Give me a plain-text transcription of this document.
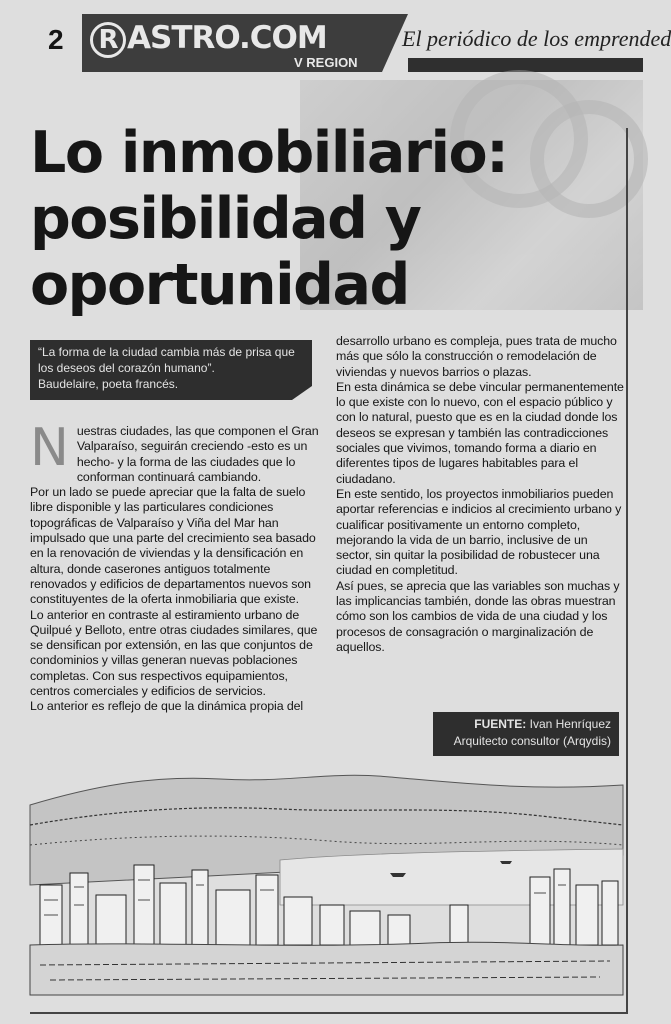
2	R ASTRO.COM
V REGION
El periódico de los emprended
Lo inmobiliario:
posibilidad y
oportunidad

“La forma de la ciudad cambia más de prisa que los deseos del corazón humano”.

Baudelaire, poeta francés.

Nuestras ciudades, las que componen el Gran Valparaíso, seguirán creciendo -esto es un hecho- y la forma de las ciudades que lo conforman continuará cambiando.

Por un lado se puede apreciar que la falta de suelo libre disponible y las particulares condiciones topográficas de Valparaíso y Viña del Mar han impulsado que una parte del crecimiento sea basado en la renovación de viviendas y la densificación en altura, donde caserones antiguos totalmente renovados y edificios de departamentos nuevos son constituyentes de la oferta inmobiliaria que existe.

Lo anterior en contraste al estiramiento urbano de Quilpué y Belloto, entre otras ciudades similares, que se densifican por extensión, en las que conjuntos de condominios y villas generan nuevas poblaciones completas. Con sus respectivos equipamientos, centros comerciales y edificios de servicios.

Lo anterior es reflejo de que la dinámica propia del

desarrollo urbano es compleja, pues trata de mucho más que sólo la construcción o remodelación de viviendas y nuevos barrios o plazas.

En esta dinámica se debe vincular permanentemente lo que existe con lo nuevo, con el espacio público y con lo natural, puesto que es en la ciudad donde los deseos se expresan y también las contradicciones sociales que vivimos, tomando forma a diario en diferentes tipos de lugares habitables para el ciudadano.

En este sentido, los proyectos inmobiliarios pueden aportar referencias e indicios al crecimiento urbano y cualificar positivamente un entorno completo, mejorando la vida de un barrio, inclusive de un sector, sin quitar la posibilidad de robustecer una ciudad en completitud.

Así pues, se aprecia que las variables son muchas y las implicancias también, donde las obras muestran cómo son los cambios de vida de una ciudad y los procesos de consagración o marginalización de aquellos.

FUENTE: Ivan Henríquez
Arquitecto consultor (Arqydis)
